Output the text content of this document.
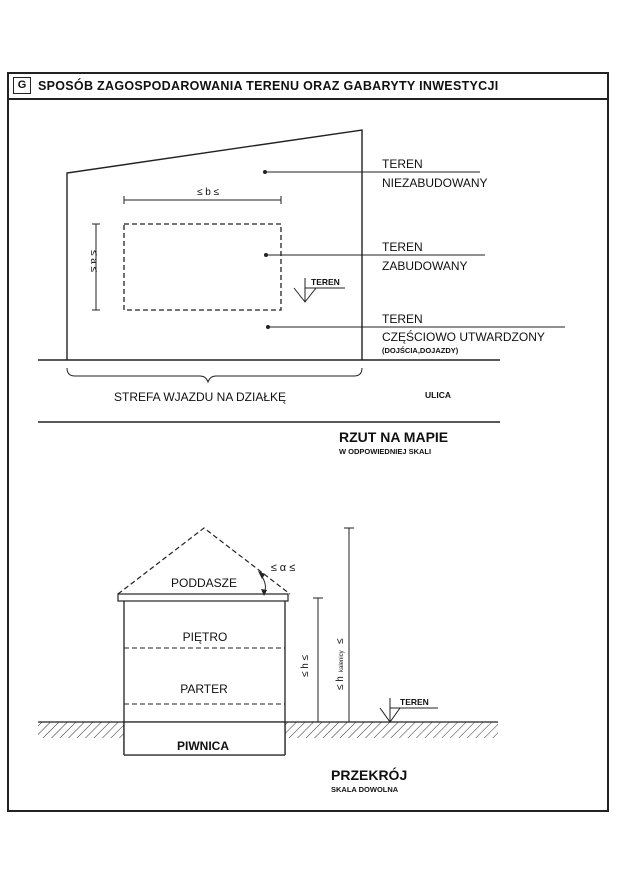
G SPOSÓB ZAGOSPODAROWANIA TERENU ORAZ GABARYTY INWESTYCJI
≤ b ≤
≤ a ≤
TEREN
NIEZABUDOWANY
TEREN
ZABUDOWANY
TEREN
TEREN
CZĘŚCIOWO UTWARDZONY
(DOJŚCIA,DOJAZDY)
STREFA WJAZDU NA DZIAŁKĘ	ULICA
RZUT NA MAPIE
W ODPOWIEDNIEJ SKALI
PODDASZE
PIĘTRO
PARTER
PIWNICA
≤ α ≤
≤ h ≤
≤ h
kalenicy
≤
TEREN
PRZEKRÓJ
SKALA DOWOLNA
